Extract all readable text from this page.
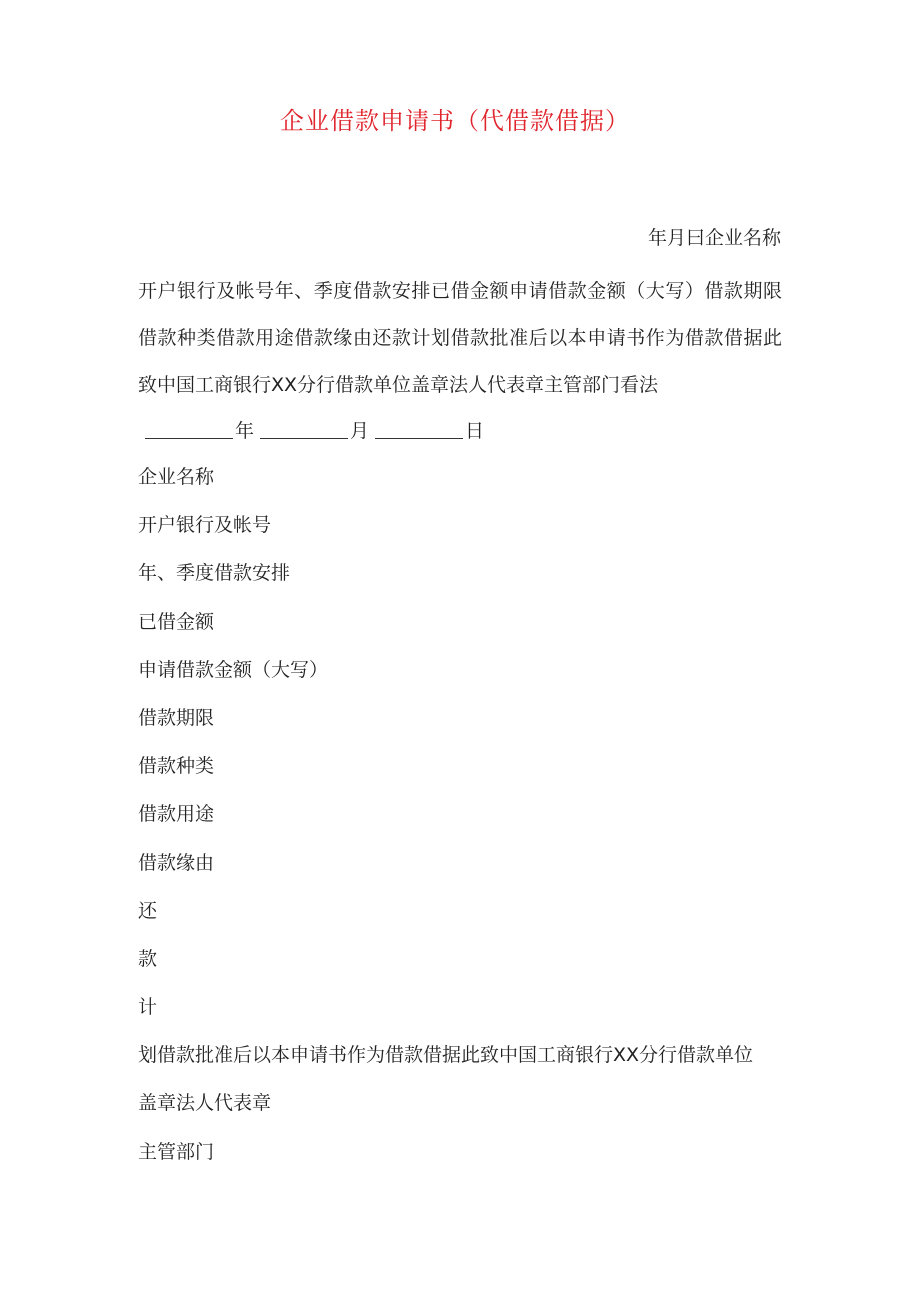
企业借款申请书（代借款借据）
年月曰企业名称
开户银行及帐号年、季度借款安排已借金额申请借款金额（大写）借款期限借款种类借款用途借款缘由还款计划借款批准后以本申请书作为借款借据此致中国工商银行XX分行借款单位盖章法人代表章主管部门看法
年	月	日
企业名称
开户银行及帐号
年、季度借款安排
已借金额
申请借款金额（大写）
借款期限
借款种类
借款用途
借款缘由
还
款
计
划借款批准后以本申请书作为借款借据此致中国工商银行XX分行借款单位
盖章法人代表章
主管部门
